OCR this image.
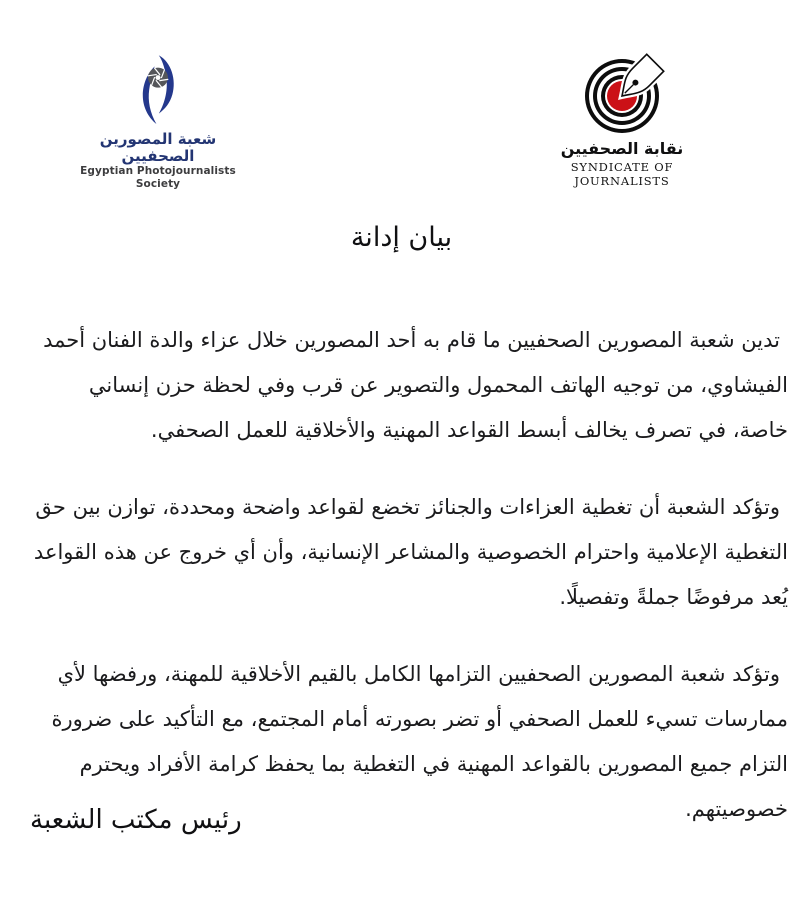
شعبة المصورين الصحفيين
Egyptian Photojournalists Society
نقابة الصحفيين
SYNDICATE OF JOURNALISTS
بيان إدانة

تدين شعبة المصورين الصحفيين ما قام به أحد المصورين خلال عزاء والدة الفنان أحمد الفيشاوي، من توجيه الهاتف المحمول والتصوير عن قرب وفي لحظة حزن إنساني خاصة، في تصرف يخالف أبسط القواعد المهنية والأخلاقية للعمل الصحفي.

وتؤكد الشعبة أن تغطية العزاءات والجنائز تخضع لقواعد واضحة ومحددة، توازن بين حق التغطية الإعلامية واحترام الخصوصية والمشاعر الإنسانية، وأن أي خروج عن هذه القواعد يُعد مرفوضًا جملةً وتفصيلًا.

وتؤكد شعبة المصورين الصحفيين التزامها الكامل بالقيم الأخلاقية للمهنة، ورفضها لأي ممارسات تسيء للعمل الصحفي أو تضر بصورته أمام المجتمع، مع التأكيد على ضرورة التزام جميع المصورين بالقواعد المهنية في التغطية بما يحفظ كرامة الأفراد ويحترم خصوصيتهم.

رئيس مكتب الشعبة
